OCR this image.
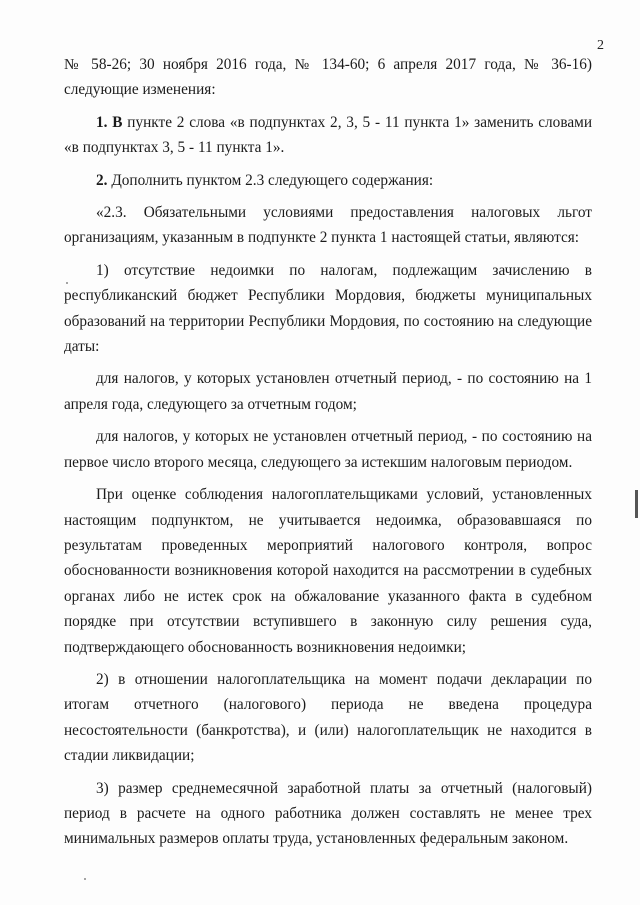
2

№ 58-26; 30 ноября 2016 года, № 134-60; 6 апреля 2017 года, № 36-16) следующие изменения:

1. В пункте 2 слова «в подпунктах 2, 3, 5 - 11 пункта 1» заменить словами «в подпунктах 3, 5 - 11 пункта 1».

2. Дополнить пунктом 2.3 следующего содержания:

«2.3. Обязательными условиями предоставления налоговых льгот организациям, указанным в подпункте 2 пункта 1 настоящей статьи, являются:

1) отсутствие недоимки по налогам, подлежащим зачислению в республиканский бюджет Республики Мордовия, бюджеты муниципальных образований на территории Республики Мордовия, по состоянию на следующие даты:

для налогов, у которых установлен отчетный период, - по состоянию на 1 апреля года, следующего за отчетным годом;

для налогов, у которых не установлен отчетный период, - по состоянию на первое число второго месяца, следующего за истекшим налоговым периодом.

При оценке соблюдения налогоплательщиками условий, установленных настоящим подпунктом, не учитывается недоимка, образовавшаяся по результатам проведенных мероприятий налогового контроля, вопрос обоснованности возникновения которой находится на рассмотрении в судебных органах либо не истек срок на обжалование указанного факта в судебном порядке при отсутствии вступившего в законную силу решения суда, подтверждающего обоснованность возникновения недоимки;

2) в отношении налогоплательщика на момент подачи декларации по итогам отчетного (налогового) периода не введена процедура несостоятельности (банкротства), и (или) налогоплательщик не находится в стадии ликвидации;

3) размер среднемесячной заработной платы за отчетный (налоговый) период в расчете на одного работника должен составлять не менее трех минимальных размеров оплаты труда, установленных федеральным законом.
